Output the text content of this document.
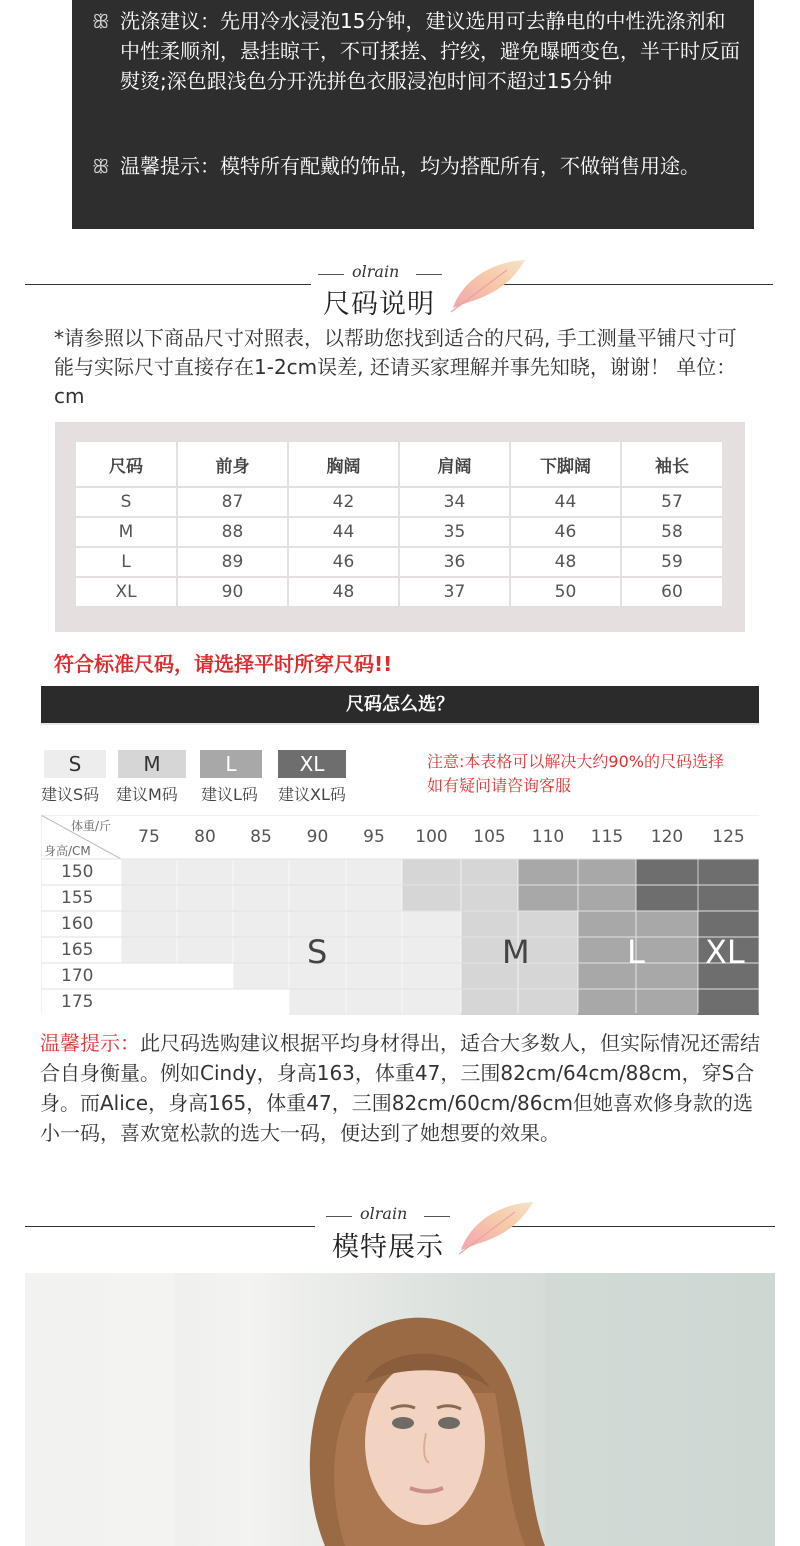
ꕥ 洗涤建议：先用冷水浸泡15分钟，建议选用可去静电的中性洗涤剂和中性柔顺剂，悬挂晾干，不可揉搓、拧绞，避免曝晒变色，半干时反面熨烫;深色跟浅色分开洗拼色衣服浸泡时间不超过15分钟
ꕥ 温馨提示：模特所有配戴的饰品，均为搭配所有，不做销售用途。
olrain
尺码说明
*请参照以下商品尺寸对照表，以帮助您找到适合的尺码, 手工测量平铺尺寸可能与实际尺寸直接存在1-2cm误差, 还请买家理解并事先知晓，谢谢！ 单位：cm
尺码	前身	胸阔	肩阔	下脚阔	袖长
S	87	42	34	44	57
M	88	44	35	46	58
L	89	46	36	48	59
XL	90	48	37	50	60
符合标准尺码，请选择平时所穿尺码!!
尺码怎么选？
S	M	L	XL
建议S码 建议M码 建议L码 建议XL码
注意:本表格可以解决大约90%的尺码选择
如有疑问请咨询客服
体重/斤
身高/CM
75	80	85	90	95	100	105	110	115	120	125
150
155
160
165
170
175
S	M	L XL
温馨提示：此尺码选购建议根据平均身材得出，适合大多数人，但实际情况还需结合自身衡量。例如Cindy，身高163，体重47，三围82cm/64cm/88cm，穿S合身。而Alice，身高165，体重47，三围82cm/60cm/86cm但她喜欢修身款的选小一码，喜欢宽松款的选大一码，便达到了她想要的效果。
olrain
模特展示
